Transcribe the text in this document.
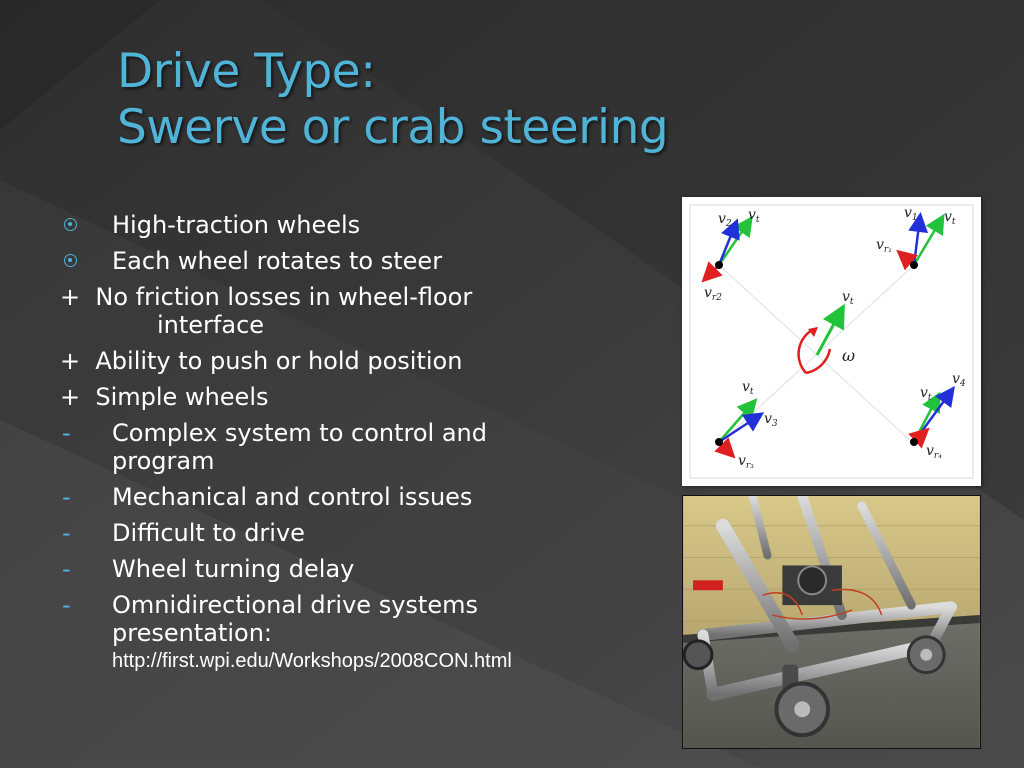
Drive Type:
Swerve or crab steering
High-traction wheels
Each wheel rotates to steer
+  No friction losses in wheel-floor
interface
+  Ability to push or hold position
+  Simple wheels
-	Complex system to control and program
-	Mechanical and control issues
-	Difficult to drive
-	Wheel turning delay
- Omnidirectional drive systems presentation:
http://first.wpi.edu/Workshops/2008CON.html
$v_2$
$v_t$
$v_{r2}$
$v_1$ $v_t$
$v_{r_1}$
$v_t$
ω
$v_t$
$v_3$
$v_{r_3}$
$v_t$
$v_4$
$v_{r_4}$
